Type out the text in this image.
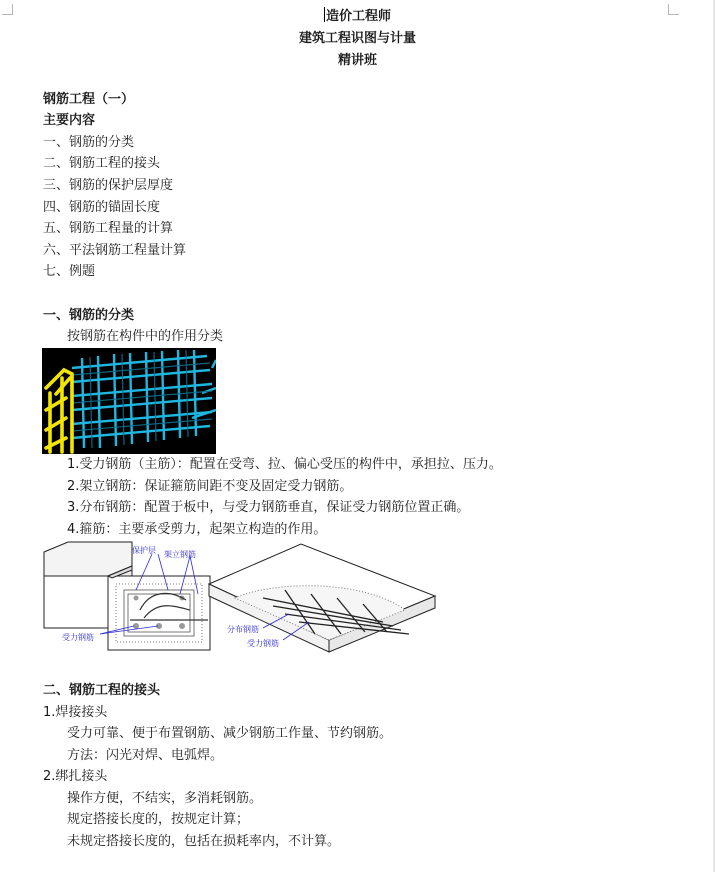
造价工程师
建筑工程识图与计量
精讲班
钢筋工程（一）
主要内容
一、钢筋的分类
二、钢筋工程的接头
三、钢筋的保护层厚度
四、钢筋的锚固长度
五、钢筋工程量的计算
六、平法钢筋工程量计算
七、例题
一、钢筋的分类
按钢筋在构件中的作用分类
1.受力钢筋（主筋）：配置在受弯、拉、偏心受压的构件中，承担拉、压力。
2.架立钢筋：保证箍筋间距不变及固定受力钢筋。
3.分布钢筋：配置于板中，与受力钢筋垂直，保证受力钢筋位置正确。
4.箍筋：主要承受剪力，起架立构造的作用。
保护层 架立钢筋
受力钢筋
分布钢筋
受力钢筋
二、钢筋工程的接头
1.焊接接头
受力可靠、便于布置钢筋、减少钢筋工作量、节约钢筋。
方法：闪光对焊、电弧焊。
2.绑扎接头
操作方便，不结实，多消耗钢筋。
规定搭接长度的，按规定计算；
未规定搭接长度的，包括在损耗率内，不计算。
